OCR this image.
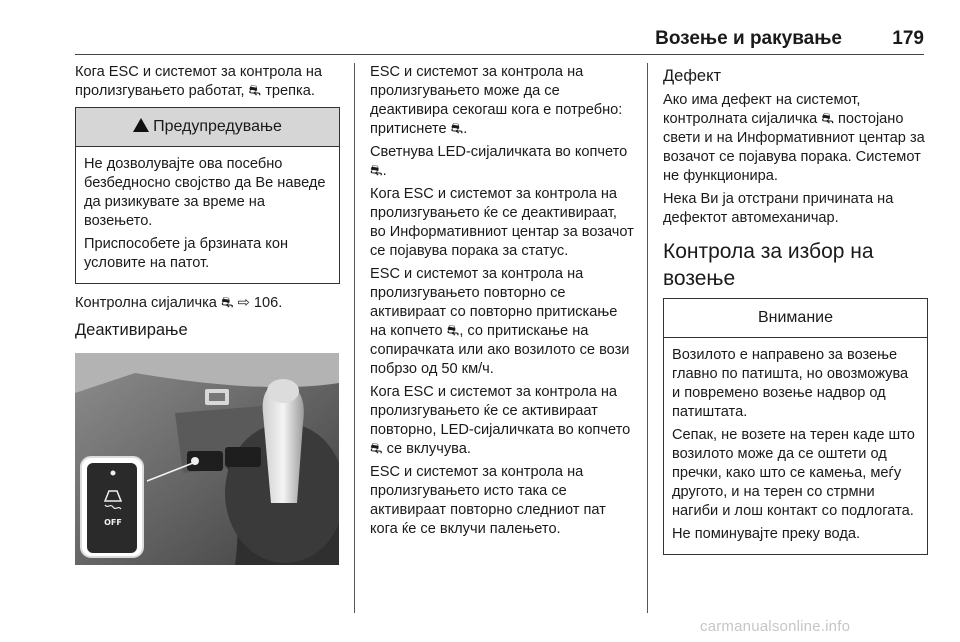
Возење и ракување	179

Кога ESC и системот за контрола на пролизгувањето работат, ⛐ трепка.

!Предупредување

Не дозволувајте ова посебно безбедносно својство да Ве наведе да ризикувате за време на возењето.

Приспособете ја брзината кон условите на патот.

Контролна сијаличка ⛐ ⇨ 106.

Деактивирање
OFF

ESC и системот за контрола на пролизгувањето може да се деактивира секогаш кога е потребно: притиснете ⛐.

Светнува LED-сијаличката во копчето ⛐.

Кога ESC и системот за контрола на пролизгувањето ќе се деактивираат, во Информативниот центар за возачот се појавува порака за статус.

ESC и системот за контрола на пролизгувањето повторно се активираат со повторно притискање на копчето ⛐, со притискање на сопирачката или ако возилото се вози побрзо од 50 км/ч.

Кога ESC и системот за контрола на пролизгувањето ќе се активираат повторно, LED-сијаличката во копчето ⛐ се вклучува.

ESC и системот за контрола на пролизгувањето исто така се активираат повторно следниот пат кога ќе се вклучи палењето.

Дефект

Ако има дефект на системот, контролната сијаличка ⛐ постојано свети и на Информативниот центар за возачот се појавува порака. Системот не функционира.

Нека Ви ја отстрани причината на дефектот автомеханичар.

Контрола за избор на возење
Внимание

Возилото е направено за возење главно по патишта, но овозможува и повремено возење надвор од патиштата.

Сепак, не возете на терен каде што возилото може да се оштети од пречки, како што се камења, меѓу другото, и на терен со стрмни нагиби и лош контакт со подлогата.

Не поминувајте преку вода.

carmanualsonline.info
